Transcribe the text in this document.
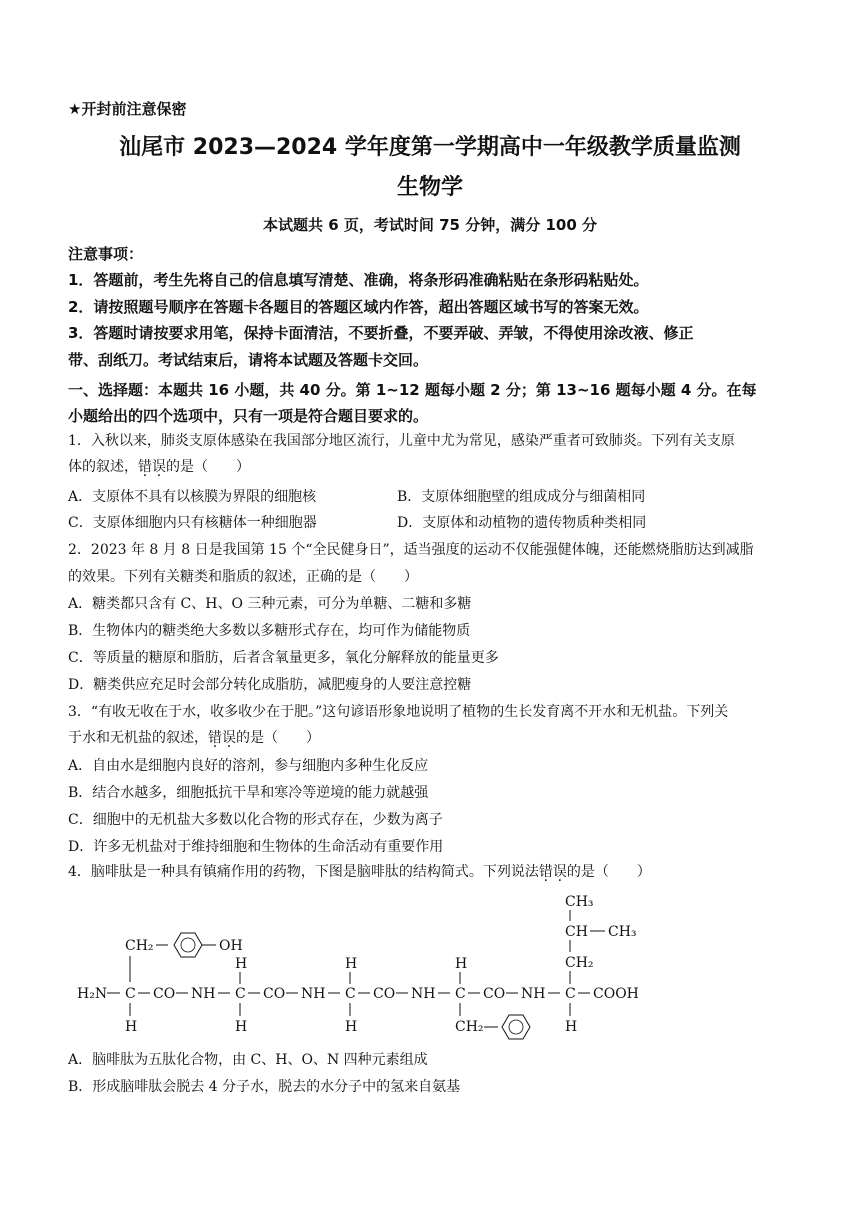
★开封前注意保密
汕尾市 2023—2024 学年度第一学期高中一年级教学质量监测
生物学
本试题共 6 页，考试时间 75 分钟，满分 100 分
注意事项：
1．答题前，考生先将自己的信息填写清楚、准确，将条形码准确粘贴在条形码粘贴处。
2．请按照题号顺序在答题卡各题目的答题区域内作答，超出答题区域书写的答案无效。
3．答题时请按要求用笔，保持卡面清洁，不要折叠，不要弄破、弄皱，不得使用涂改液、修正
带、刮纸刀。考试结束后，请将本试题及答题卡交回。
一、选择题：本题共 16 小题，共 40 分。第 1~12 题每小题 2 分；第 13~16 题每小题 4 分。在每
小题给出的四个选项中，只有一项是符合题目要求的。
1．入秋以来，肺炎支原体感染在我国部分地区流行，儿童中尤为常见，感染严重者可致肺炎。下列有关支原
体的叙述，错误的是（　　）
A．支原体不具有以核膜为界限的细胞核	B．支原体细胞壁的组成成分与细菌相同
C．支原体细胞内只有核糖体一种细胞器	D．支原体和动植物的遗传物质种类相同
2．2023 年 8 月 8 日是我国第 15 个“全民健身日”，适当强度的运动不仅能强健体魄，还能燃烧脂肪达到减脂
的效果。下列有关糖类和脂质的叙述，正确的是（　　）
A．糖类都只含有 C、H、O 三种元素，可分为单糖、二糖和多糖
B．生物体内的糖类绝大多数以多糖形式存在，均可作为储能物质
C．等质量的糖原和脂肪，后者含氧量更多，氧化分解释放的能量更多
D．糖类供应充足时会部分转化成脂肪，减肥瘦身的人要注意控糖
3．“有收无收在于水，收多收少在于肥。”这句谚语形象地说明了植物的生长发育离不开水和无机盐。下列关
于水和无机盐的叙述，错误的是（　　）
A．自由水是细胞内良好的溶剂，参与细胞内多种生化反应
B．结合水越多，细胞抵抗干旱和寒冷等逆境的能力就越强
C．细胞中的无机盐大多数以化合物的形式存在，少数为离子
D．许多无机盐对于维持细胞和生物体的生命活动有重要作用
4．脑啡肽是一种具有镇痛作用的药物，下图是脑啡肽的结构简式。下列说法错误的是（　　）
H₂N C CO NH C CO NH C CO NH C CO NH C COOH
CH₂	OH
H
H
H
H
H
H
CH₂
CH₃
CH CH₃
CH₂
H
A．脑啡肽为五肽化合物，由 C、H、O、N 四种元素组成
B．形成脑啡肽会脱去 4 分子水，脱去的水分子中的氢来自氨基
